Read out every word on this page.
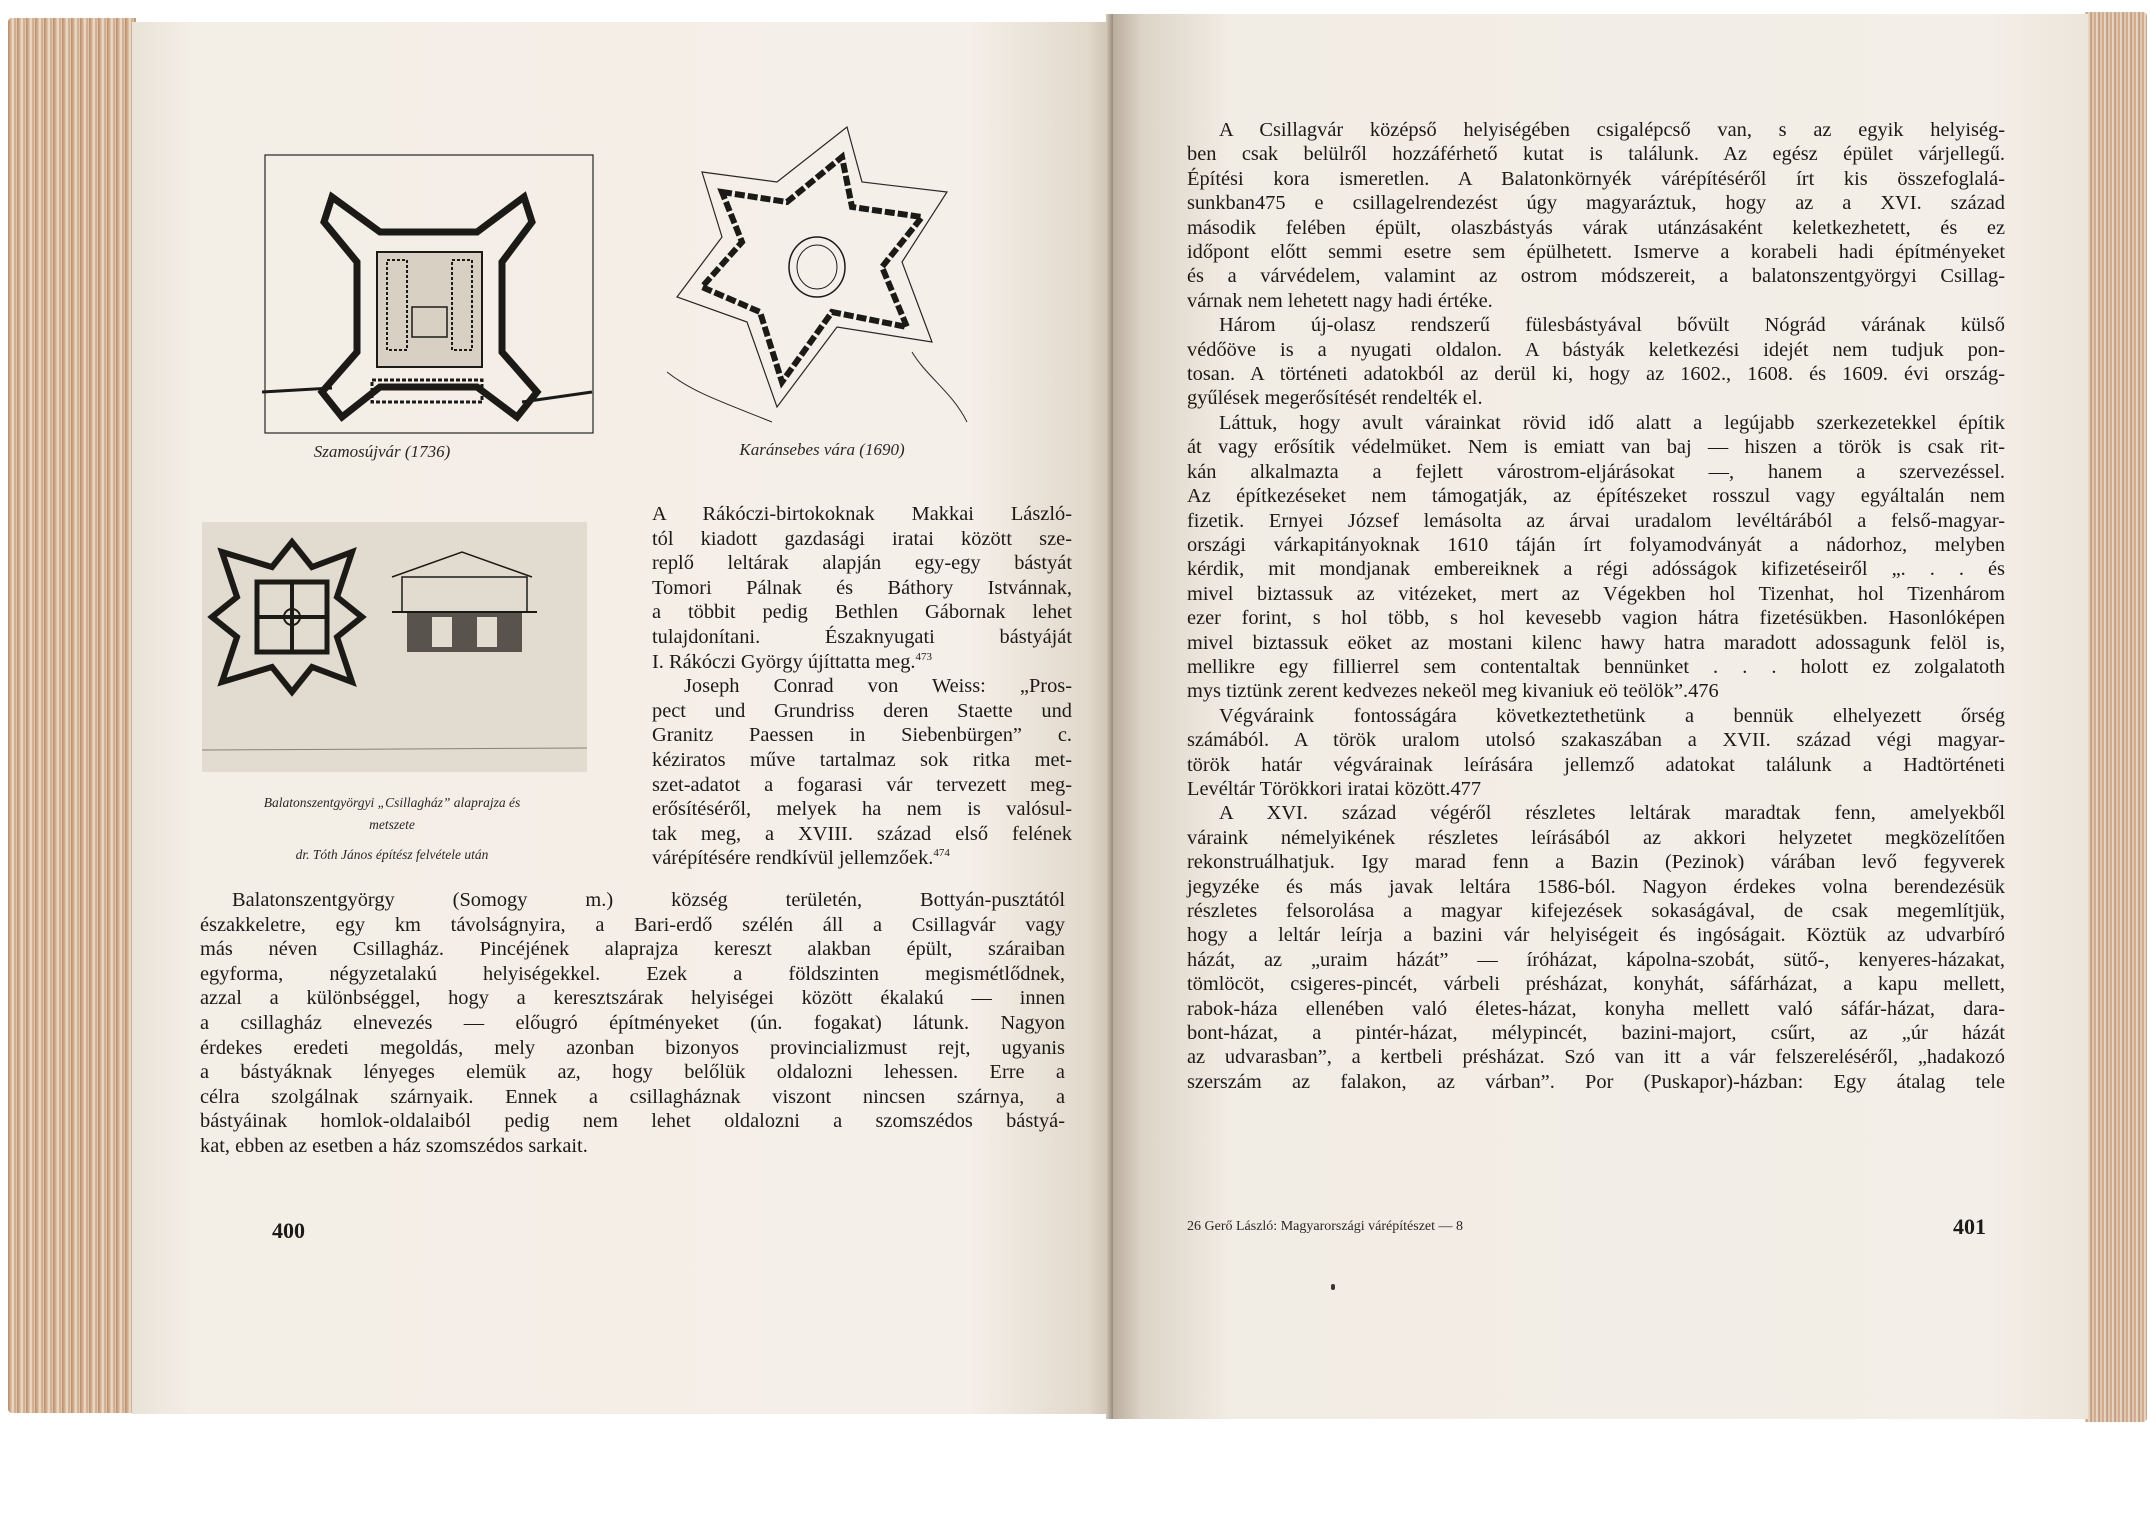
Szamosújvár (1736)	Karánsebes vára (1690)
Balatonszentgyörgyi „Csillagház” alaprajza és
metszete
dr. Tóth János építész felvétele után

A Rákóczi-birtokoknak Makkai László-

tól kiadott gazdasági iratai között sze-

replő leltárak alapján egy-egy bástyát

Tomori Pálnak és Báthory Istvánnak,

a többit pedig Bethlen Gábornak lehet

tulajdonítani. Északnyugati bástyáját

I. Rákóczi György újíttatta meg.$^{473}$

Joseph Conrad von Weiss: „Pros-

pect und Grundriss deren Staette und

Granitz Paessen in Siebenbürgen” c.

kéziratos műve tartalmaz sok ritka met-

szet-adatot a fogarasi vár tervezett meg-

erősítéséről, melyek ha nem is valósul-

tak meg, a XVIII. század első felének

várépítésére rendkívül jellemzőek.$^{474}$

Balatonszentgyörgy (Somogy m.) község területén, Bottyán-pusztától

északkeletre, egy km távolságnyira, a Bari-erdő szélén áll a Csillagvár vagy

más néven Csillagház. Pincéjének alaprajza kereszt alakban épült, száraiban

egyforma, négyzetalakú helyiségekkel. Ezek a földszinten megismétlődnek,

azzal a különbséggel, hogy a keresztszárak helyiségei között ékalakú — innen

a csillagház elnevezés — előugró építményeket (ún. fogakat) látunk. Nagyon

érdekes eredeti megoldás, mely azonban bizonyos provincializmust rejt, ugyanis

a bástyáknak lényeges elemük az, hogy belőlük oldalozni lehessen. Erre a

célra szolgálnak szárnyaik. Ennek a csillagháznak viszont nincsen szárnya, a

bástyáinak homlok-oldalaiból pedig nem lehet oldalozni a szomszédos bástyá-

kat, ebben az esetben a ház szomszédos sarkait.

400

A Csillagvár középső helyiségében csigalépcső van, s az egyik helyiség-

ben csak belülről hozzáférhető kutat is találunk. Az egész épület várjellegű.

Építési kora ismeretlen. A Balatonkörnyék várépítéséről írt kis összefoglalá-

sunkban475 e csillagelrendezést úgy magyaráztuk, hogy az a XVI. század

második felében épült, olaszbástyás várak utánzásaként keletkezhetett, és ez

időpont előtt semmi esetre sem épülhetett. Ismerve a korabeli hadi építményeket

és a várvédelem, valamint az ostrom módszereit, a balatonszentgyörgyi Csillag-

várnak nem lehetett nagy hadi értéke.

Három új-olasz rendszerű fülesbástyával bővült Nógrád várának külső

védőöve is a nyugati oldalon. A bástyák keletkezési idejét nem tudjuk pon-

tosan. A történeti adatokból az derül ki, hogy az 1602., 1608. és 1609. évi ország-

gyűlések megerősítését rendelték el.

Láttuk, hogy avult várainkat rövid idő alatt a legújabb szerkezetekkel építik

át vagy erősítik védelmüket. Nem is emiatt van baj — hiszen a török is csak rit-

kán alkalmazta a fejlett várostrom-eljárásokat —, hanem a szervezéssel.

Az építkezéseket nem támogatják, az építészeket rosszul vagy egyáltalán nem

fizetik. Ernyei József lemásolta az árvai uradalom levéltárából a felső-magyar-

országi várkapitányoknak 1610 táján írt folyamodványát a nádorhoz, melyben

kérdik, mit mondjanak embereiknek a régi adósságok kifizetéseiről „. . . és

mivel biztassuk az vitézeket, mert az Végekben hol Tizenhat, hol Tizenhárom

ezer forint, s hol több, s hol kevesebb vagion hátra fizetésükben. Hasonlóképen

mivel biztassuk eöket az mostani kilenc hawy hatra maradott adossagunk felöl is,

mellikre egy fillierrel sem contentaltak bennünket . . . holott ez zolgalatoth

mys tiztünk zerent kedvezes nekeöl meg kivaniuk eö teölök”.476

Végváraink fontosságára következtethetünk a bennük elhelyezett őrség

számából. A török uralom utolsó szakaszában a XVII. század végi magyar-

török határ végvárainak leírására jellemző adatokat találunk a Hadtörténeti

Levéltár Törökkori iratai között.477

A XVI. század végéről részletes leltárak maradtak fenn, amelyekből

váraink némelyikének részletes leírásából az akkori helyzetet megközelítően

rekonstruálhatjuk. Igy marad fenn a Bazin (Pezinok) várában levő fegyverek

jegyzéke és más javak leltára 1586-ból. Nagyon érdekes volna berendezésük

részletes felsorolása a magyar kifejezések sokaságával, de csak megemlítjük,

hogy a leltár leírja a bazini vár helyiségeit és ingóságait. Köztük az udvarbíró

házát, az „uraim házát” — íróházat, kápolna-szobát, sütő-, kenyeres-házakat,

tömlöcöt, csigeres-pincét, várbeli présházat, konyhát, sáfárházat, a kapu mellett,

rabok-háza ellenében való életes-házat, konyha mellett való sáfár-házat, dara-

bont-házat, a pintér-házat, mélypincét, bazini-majort, csűrt, az „úr házát

az udvarasban”, a kertbeli présházat. Szó van itt a vár felszereléséről, „hadakozó

szerszám az falakon, az várban”. Por (Puskapor)-házban: Egy átalag tele

26 Gerő László: Magyarországi várépítészet — 8	401
